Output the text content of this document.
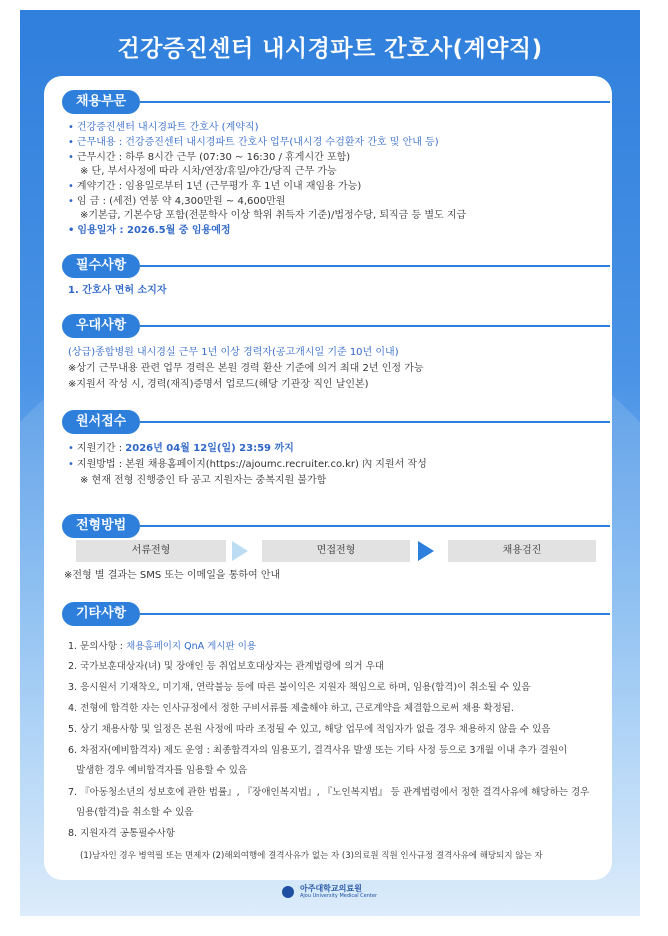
건강증진센터 내시경파트 간호사(계약직)
채용부문
• 건강증진센터 내시경파트 간호사 (계약직)
• 근무내용 : 건강증진센터 내시경파트 간호사 업무(내시경 수검환자 간호 및 안내 등)
• 근무시간 : 하루 8시간 근무 (07:30 ~ 16:30 / 휴게시간 포함)
※ 단, 부서사정에 따라 시차/연장/휴일/야간/당직 근무 가능
• 계약기간 : 임용일로부터 1년 (근무평가 후 1년 이내 재임용 가능)
• 임 금 : (세전) 연봉 약 4,300만원 ~ 4,600만원
※기본급, 기본수당 포함(전문학사 이상 학위 취득자 기준)/법정수당, 퇴직금 등 별도 지급
• 임용일자 : 2026.5월 중 임용예정
필수사항
1. 간호사 면허 소지자
우대사항
(상급)종합병원 내시경실 근무 1년 이상 경력자(공고개시일 기준 10년 이내)
※상기 근무내용 관련 업무 경력은 본원 경력 환산 기준에 의거 최대 2년 인정 가능
※지원서 작성 시, 경력(재직)증명서 업로드(해당 기관장 직인 날인본)
원서접수
• 지원기간 : 2026년 04월 12일(일) 23:59 까지
• 지원방법 : 본원 채용홈페이지(https://ajoumc.recruiter.co.kr) 內 지원서 작성
※ 현재 전형 진행중인 타 공고 지원자는 중복지원 불가함
전형방법
서류전형	면접전형	채용검진
※전형 별 결과는 SMS 또는 이메일을 통하여 안내
기타사항
1. 문의사항 : 채용홈페이지 QnA 게시판 이용
2. 국가보훈대상자(녀) 및 장애인 등 취업보호대상자는 관계법령에 의거 우대
3. 응시원서 기재착오, 미기재, 연락불능 등에 따른 불이익은 지원자 책임으로 하며, 임용(합격)이 취소될 수 있음
4. 전형에 합격한 자는 인사규정에서 정한 구비서류를 제출해야 하고, 근로계약을 체결함으로써 채용 확정됨.
5. 상기 채용사항 및 일정은 본원 사정에 따라 조정될 수 있고, 해당 업무에 적임자가 없을 경우 채용하지 않을 수 있음
6. 차점자(예비합격자) 제도 운영 : 최종합격자의 임용포기, 결격사유 발생 또는 기타 사정 등으로 3개월 이내 추가 결원이
발생한 경우 예비합격자를 임용할 수 있음
7. 『아동청소년의 성보호에 관한 법률』, 『장애인복지법』, 『노인복지법』 등 관계법령에서 정한 결격사유에 해당하는 경우
임용(합격)을 취소할 수 있음
8. 지원자격 공통필수사항
(1)남자인 경우 병역필 또는 면제자 (2)해외여행에 결격사유가 없는 자 (3)의료원 직원 인사규정 결격사유에 해당되지 않는 자
아주대학교의료원
Ajou University Medical Center
